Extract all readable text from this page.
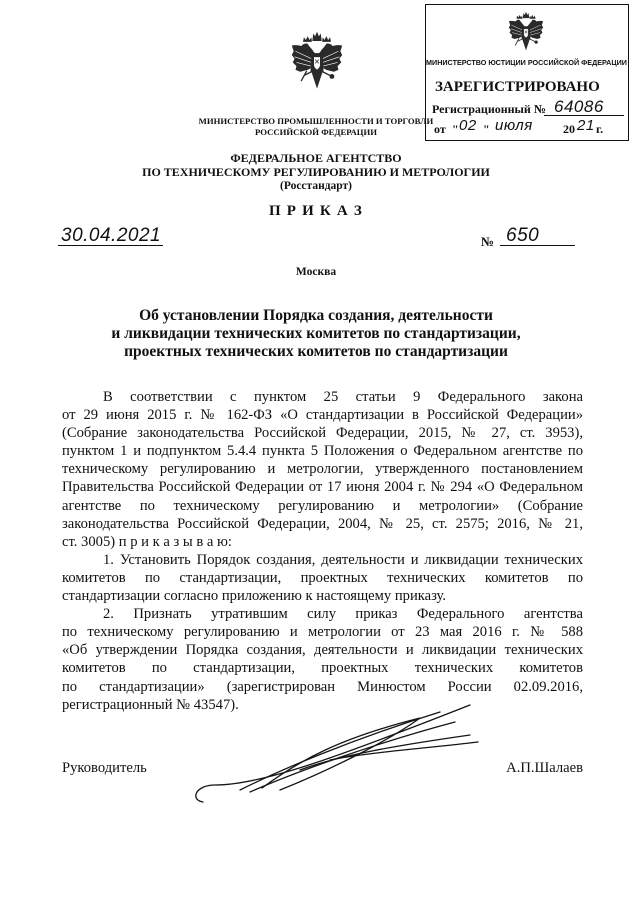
МИНИСТЕРСТВО ПРОМЫШЛЕННОСТИ И ТОРГОВЛИ
РОССИЙСКОЙ ФЕДЕРАЦИИ
ФЕДЕРАЛЬНОЕ АГЕНТСТВО
ПО ТЕХНИЧЕСКОМУ РЕГУЛИРОВАНИЮ И МЕТРОЛОГИИ
(Росстандарт)
П Р И К А З
30.04.2021	№ 650
Москва
Об установлении Порядка создания, деятельности
и ликвидации технических комитетов по стандартизации,
проектных технических комитетов по стандартизации
В соответствии с пунктом 25 статьи 9 Федерального закона
от 29 июня 2015 г. № 162-ФЗ «О стандартизации в Российской Федерации»
(Собрание законодательства Российской Федерации, 2015, № 27, ст. 3953),
пунктом 1 и подпунктом 5.4.4 пункта 5 Положения о Федеральном агентстве по
техническому регулированию и метрологии, утвержденного постановлением
Правительства Российской Федерации от 17 июня 2004 г. № 294 «О Федеральном
агентстве по техническому регулированию и метрологии» (Собрание
законодательства Российской Федерации, 2004, № 25, ст. 2575; 2016, № 21,
ст. 3005) п р и к а з ы в а ю:
1. Установить Порядок создания, деятельности и ликвидации технических
комитетов по стандартизации, проектных технических комитетов по
стандартизации согласно приложению к настоящему приказу.
2. Признать утратившим силу приказ Федерального агентства
по техническому регулированию и метрологии от 23 мая 2016 г. № 588
«Об утверждении Порядка создания, деятельности и ликвидации технических
комитетов по стандартизации, проектных технических комитетов
по стандартизации» (зарегистрирован Минюстом России 02.09.2016,
регистрационный № 43547).
Руководитель	А.П.Шалаев
МИНИСТЕРСТВО ЮСТИЦИИ РОССИЙСКОЙ ФЕДЕРАЦИИ
ЗАРЕГИСТРИРОВАНО
Регистрационный № 64086
от " 02 " июля	20 21 г.
